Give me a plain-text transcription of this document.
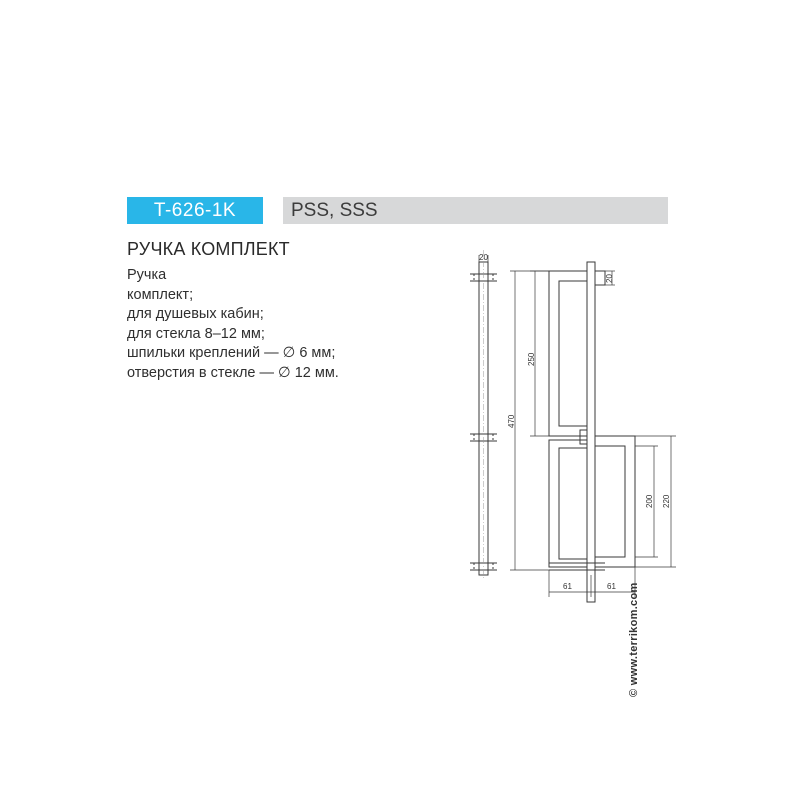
T-626-1K	PSS, SSS
РУЧКА КОМПЛЕКТ
Ручка
комплект;
для душевых кабин;
для стекла 8–12 мм;
шпильки креплений — ∅ 6 мм;
отверстия в стекле — ∅ 12 мм.
20
20
250
470
200 220
61	61 © www.terrikom.com
